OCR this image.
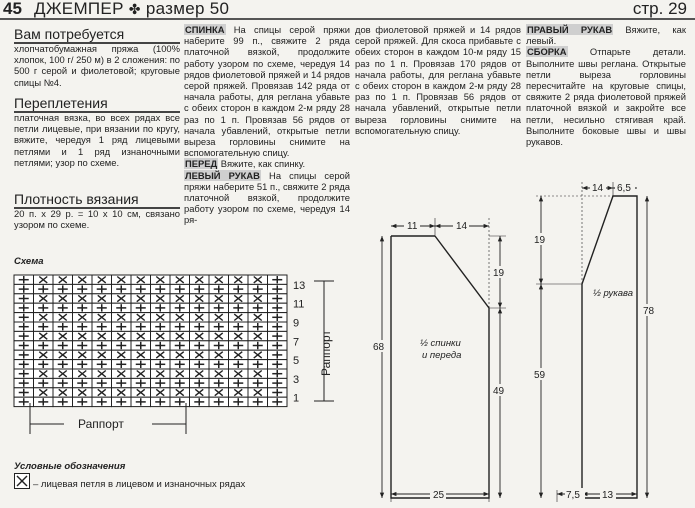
45 ДЖЕМПЕР ✤ размер 50	стр. 29
Вам потребуется
хлопчатобумажная пряжа (100% хлопок, 100 г/ 250 м) в 2 сложения: по 500 г серой и фиолетовой; круговые спицы №4.
Переплетения
платочная вязка, во всех рядах все петли лицевые, при вязании по кругу, вяжите, чередуя 1 ряд лицевыми петлями и 1 ряд изнаночными петлями; узор по схеме.
Плотность вязания
20 п. х 29 р. = 10 х 10 см, связано узором по схеме.
СПИНКА На спицы серой пряжи наберите 99 п., свяжите 2 ряда платочной вязкой, продолжите работу узором по схеме, чередуя 14 рядов фиолетовой пряжей и 14 рядов серой пряжей. Провязав 142 ряда от начала работы, для реглана убавьте с обеих сторон в каждом 2-м ряду 28 раз по 1 п. Провязав 56 рядов от начала убавлений, открытые петли выреза горловины снимите на вспомогательную спицу.
ПЕРЕД Вяжите, как спинку.
ЛЕВЫЙ РУКАВ На спицы серой пряжи наберите 51 п., свяжите 2 ряда платочной вязкой, продолжите работу узором по схеме, чередуя 14 ря-
дов фиолетовой пряжей и 14 рядов серой пряжей. Для скоса прибавьте с обеих сторон в каждом 10-м ряду 15 раз по 1 п. Провязав 170 рядов от начала работы, для реглана убавьте с обеих сторон в каждом 2-м ряду 28 раз по 1 п. Провязав 56 рядов от начала убавлений, открытые петли выреза горловины снимите на вспомогательную спицу.
ПРАВЫЙ РУКАВ Вяжите, как левый.
СБОРКА Отпарьте детали. Выполните швы реглана. Открытые петли выреза горловины пересчитайте на круговые спицы, свяжите 2 ряда фиолетовой пряжей платочной вязкой и закройте все петли, несильно стягивая край. Выполните боковые швы и швы рукавов.
Схема
13
11
9
7
5
3
1
Раппорт
Раппорт
Условные обозначения
– лицевая петля в лицевом и изнаночных рядах
11	14
68
19
49
25
½ спинки
и переда
14 6,5
19
59
78
7,5 13
½ рукава
